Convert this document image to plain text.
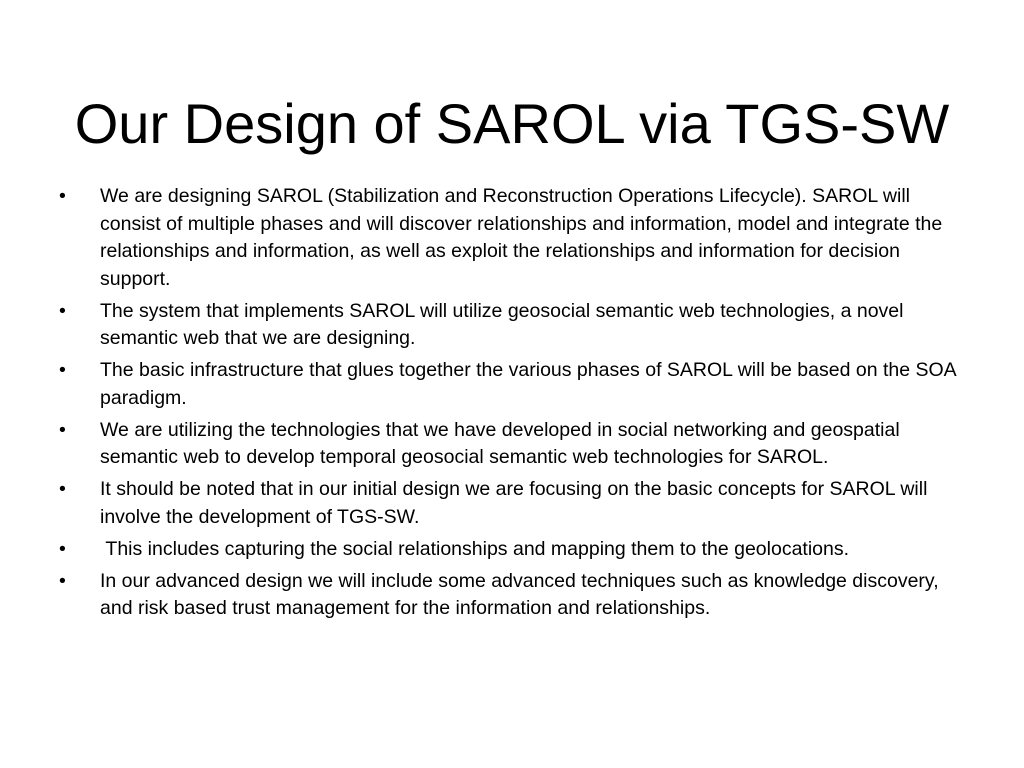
Our Design of SAROL via TGS-SW
•	We are designing SAROL (Stabilization and Reconstruction Operations Lifecycle). SAROL will consist of multiple phases and will discover relationships and information, model and integrate the relationships and information, as well as exploit the relationships and information for decision support.
•	The system that implements SAROL will utilize geosocial semantic web technologies, a novel semantic web that we are designing.
•	The basic infrastructure that glues together the various phases of SAROL will be based on the SOA paradigm.
•	We are utilizing the technologies that we have developed in social networking and geospatial semantic web to develop temporal geosocial semantic web technologies for SAROL.
•	It should be noted that in our initial design we are focusing on the basic concepts for SAROL will involve the development of TGS-SW.
•	This includes capturing the social relationships and mapping them to the geolocations.
•	In our advanced design we will include some advanced techniques such as knowledge discovery, and risk based trust management for the information and relationships.
